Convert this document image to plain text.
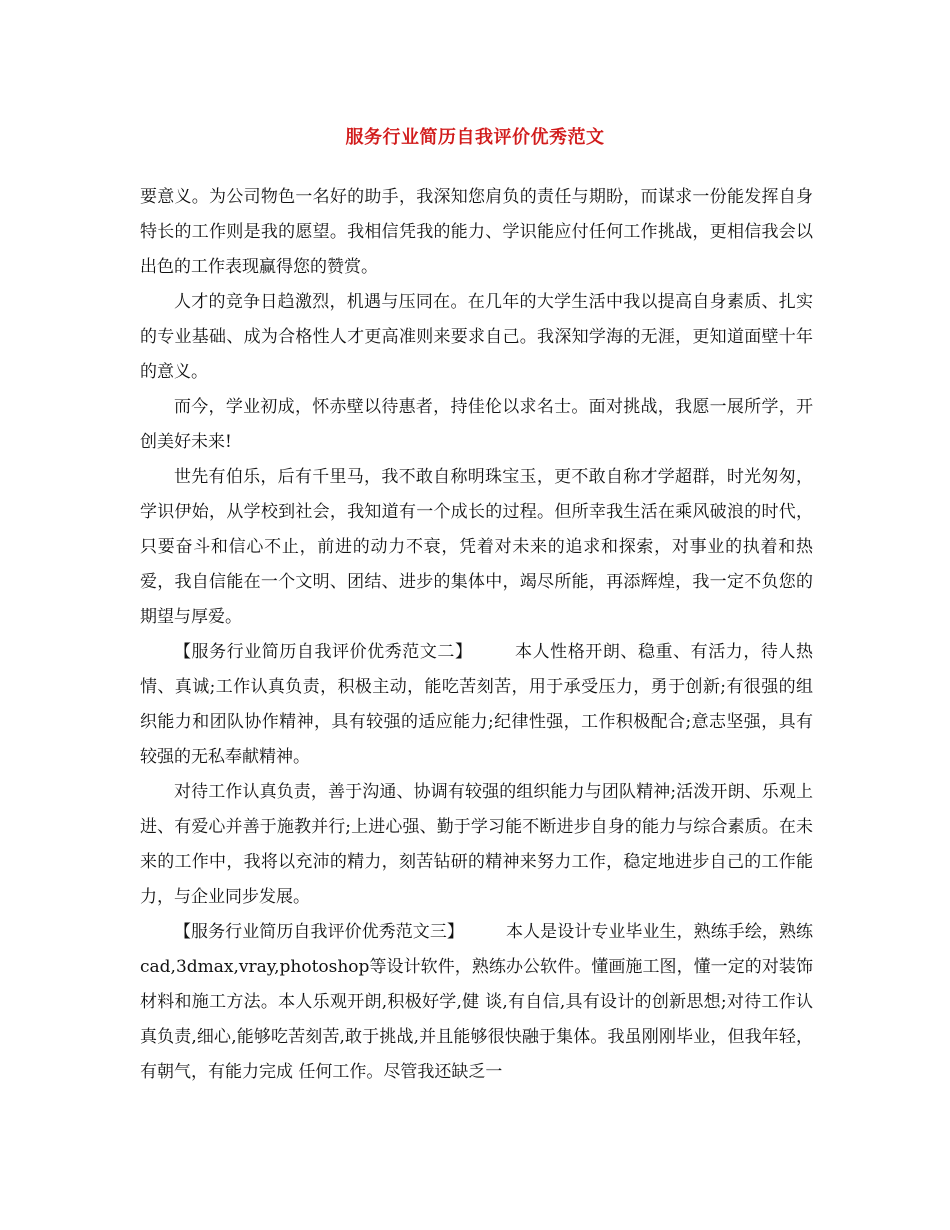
服务行业简历自我评价优秀范文

要意义。为公司物色一名好的助手，我深知您肩负的责任与期盼，而谋求一份能发挥自身特长的工作则是我的愿望。我相信凭我的能力、学识能应付任何工作挑战，更相信我会以出色的工作表现赢得您的赞赏。

人才的竞争日趋激烈，机遇与压同在。在几年的大学生活中我以提高自身素质、扎实的专业基础、成为合格性人才更高准则来要求自己。我深知学海的无涯，更知道面壁十年的意义。

而今，学业初成，怀赤壁以待惠者，持佳伦以求名士。面对挑战，我愿一展所学，开创美好未来!

世先有伯乐，后有千里马，我不敢自称明珠宝玉，更不敢自称才学超群，时光匆匆，学识伊始，从学校到社会，我知道有一个成长的过程。但所幸我生活在乘风破浪的时代，只要奋斗和信心不止，前进的动力不衰，凭着对未来的追求和探索，对事业的执着和热爱，我自信能在一个文明、团结、进步的集体中，竭尽所能，再添辉煌，我一定不负您的期望与厚爱。

【服务行业简历自我评价优秀范文二】 本人性格开朗、稳重、有活力，待人热情、真诚;工作认真负责，积极主动，能吃苦刻苦，用于承受压力，勇于创新;有很强的组织能力和团队协作精神，具有较强的适应能力;纪律性强，工作积极配合;意志坚强，具有较强的无私奉献精神。

对待工作认真负责，善于沟通、协调有较强的组织能力与团队精神;活泼开朗、乐观上进、有爱心并善于施教并行;上进心强、勤于学习能不断进步自身的能力与综合素质。在未来的工作中，我将以充沛的精力，刻苦钻研的精神来努力工作，稳定地进步自己的工作能力，与企业同步发展。

【服务行业简历自我评价优秀范文三】 本人是设计专业毕业生，熟练手绘，熟练 cad,3dmax,vray,photoshop等设计软件，熟练办公软件。懂画施工图，懂一定的对装饰材料和施工方法。本人乐观开朗,积极好学,健 谈,有自信,具有设计的创新思想;对待工作认真负责,细心,能够吃苦刻苦,敢于挑战,并且能够很快融于集体。我虽刚刚毕业，但我年轻，有朝气，有能力完成 任何工作。尽管我还缺乏一
